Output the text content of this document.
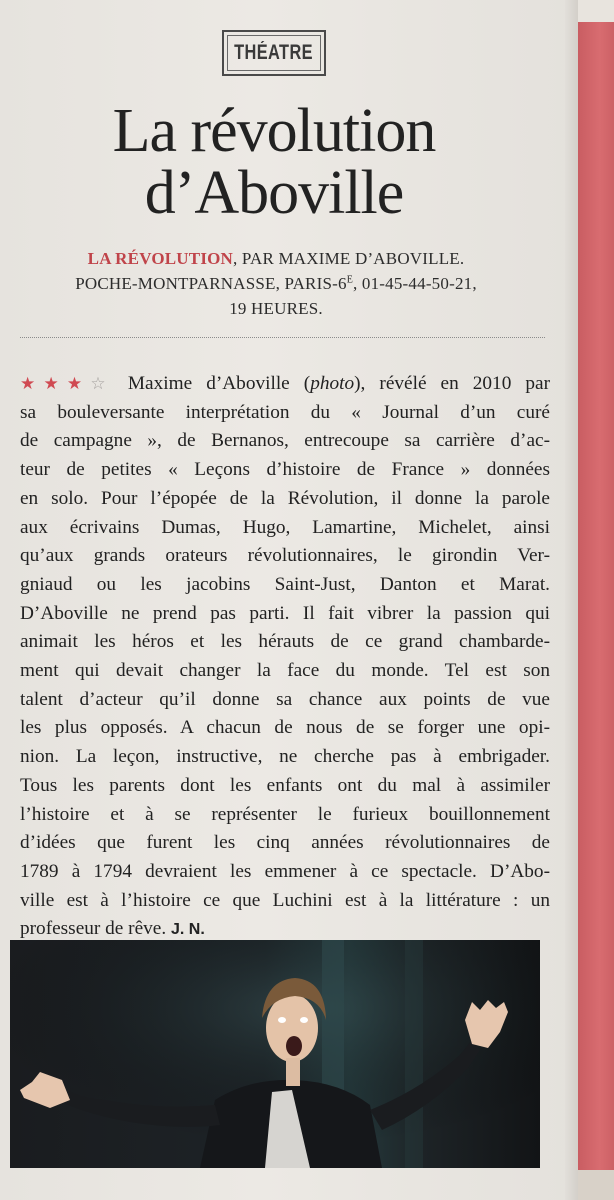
THÉATRE
La révolution
d’Aboville
LA RÉVOLUTION, PAR MAXIME D’ABOVILLE.
POCHE-MONTPARNASSE, PARIS-$6^E$, 01-45-44-50-21,
19 HEURES.
★★★☆ Maxime d’Aboville (photo), révélé en 2010 par
sa bouleversante interprétation du « Journal d’un curé
de campagne », de Bernanos, entrecoupe sa carrière d’ac-
teur de petites « Leçons d’histoire de France » données
en solo. Pour l’épopée de la Révolution, il donne la parole
aux écrivains Dumas, Hugo, Lamartine, Michelet, ainsi
qu’aux grands orateurs révolutionnaires, le girondin Ver-
gniaud ou les jacobins Saint-Just, Danton et Marat.
D’Aboville ne prend pas parti. Il fait vibrer la passion qui
animait les héros et les hérauts de ce grand chambarde-
ment qui devait changer la face du monde. Tel est son
talent d’acteur qu’il donne sa chance aux points de vue
les plus opposés. A chacun de nous de se forger une opi-
nion. La leçon, instructive, ne cherche pas à embrigader.
Tous les parents dont les enfants ont du mal à assimiler
l’histoire et à se représenter le furieux bouillonnement
d’idées que furent les cinq années révolutionnaires de
1789 à 1794 devraient les emmener à ce spectacle. D’Abo-
ville est à l’histoire ce que Luchini est à la littérature : un
professeur de rêve. J. N.
